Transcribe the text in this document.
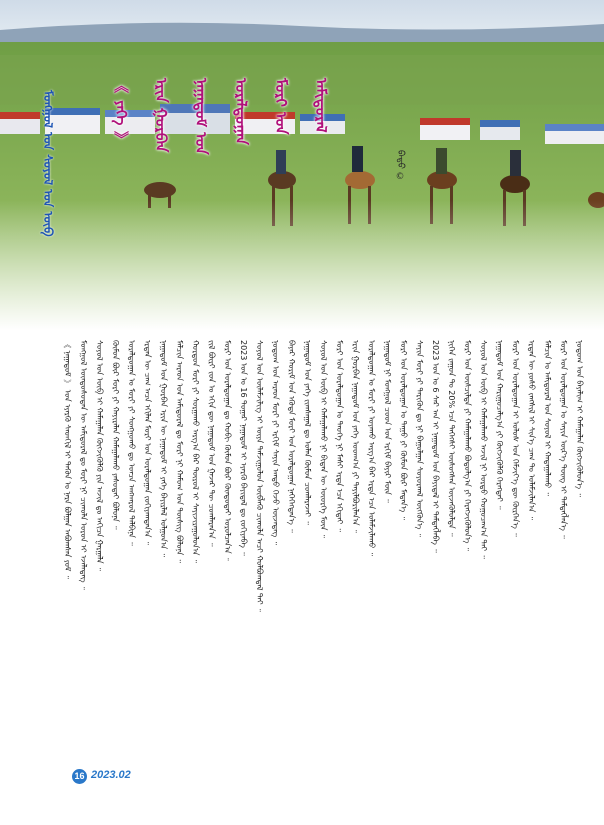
ᠮᠣᠩᠭᠣᠯ ᠤᠨ ᠰᠣᠶᠣᠯ ᠤᠨ ᠥᠪ	《 ᠶᠡᠬᠡ 》 ᠡᠷᠢᠨ ᠭᠤᠷᠪᠠᠨ ᠨᠠᠭᠠᠳᠤᠮ ᠤᠨ ᠤᠷᠠᠯᠳᠤᠭᠠᠨ ᠮᠣᠷᠢ ᠤᠨ ᠠᠮᠢᠳᠤᠷᠠᠯ
ᠪᠠᠲᠤ ©
《 ᠨᠠᠭᠠᠳᠤᠮ 》 ᠤᠨ ᠡᠶᠡᠷᠭᠦ ᠰᠡᠳᠬᠢᠯ ᠢ ᠲᠡᠭᠦᠨ ᠤ ᠨᠡᠷᠡ ᠪᠣᠯᠭᠠᠨ ᠠᠪᠤᠭᠰᠠᠨ ᠶᠤᠮ ᠃ ᠮᠣᠩᠭᠣᠯ ᠦᠨᠳᠦᠰᠦᠲᠡᠨ ᠦ ᠠᠮᠢᠳᠤᠷᠠᠯ ᠳᠤ ᠮᠣᠷᠢ ᠨᠢ ᠴᠢᠬᠤᠯᠠ ᠣᠷᠣᠨ ᠢ ᠡᠵᠡᠯᠡᠳᠡᠭ ᠃ ᠰᠣᠶᠣᠯ ᠤᠨ ᠥᠪ ᠢ ᠬᠠᠮᠠᠭᠠᠯᠠᠨ ᠬᠥᠭᠵᠢᠭᠦᠯᠬᠦ ᠶᠢᠨ ᠠᠵᠢᠯ ᠳᠤ ᠠᠬᠢᠴᠠ ᠭᠠᠷᠭᠠᠯᠠ ᠃ ᠬᠦᠮᠦᠨ ᠪᠦᠷ ᠮᠣᠷᠢ ᠶᠢ ᠬᠠᠶᠢᠷᠠᠯᠠᠨ ᠬᠠᠮᠠᠭᠠᠯᠠᠬᠤ ᠶᠠᠰᠤᠲᠠᠢ ᠪᠣᠯᠤᠨᠠ ᠃ ᠤᠷᠠᠯᠳᠤᠭᠠᠨ ᠤ ᠮᠣᠷᠢ ᠶᠢ ᠰᠣᠩᠭᠣᠬᠤ ᠳᠤ ᠣᠨᠴᠠ ᠠᠩᠬᠠᠷᠤᠯ ᠲᠠᠯᠪᠢᠨᠠ ᠃ ᠡᠷᠲᠡᠨ ᠦ ᠴᠠᠭ ᠠᠴᠠ ᠡᠬᠢᠯᠡᠨ ᠮᠣᠷᠢ ᠤᠨ ᠤᠷᠠᠯᠳᠤᠭᠠᠨ ᠵᠣᠬᠢᠶᠠᠭᠳᠠᠨ᠎ᠠ ᠃ ᠨᠠᠭᠠᠳᠤᠮ ᠤᠨ ᠭᠤᠷᠪᠠᠨ ᠡᠷᠢᠨ ᠦ ᠨᠠᠭᠠᠳᠤᠮ ᠢ ᠶᠡᠬᠡ ᠪᠠᠶᠢᠷᠯᠠᠯ ᠣᠯᠭᠣᠨ᠎ᠠ ᠃ ᠮᠠᠯᠴᠢᠨ ᠠᠷᠠᠳ ᠤᠨ ᠠᠮᠢᠳᠤᠷᠠᠯ ᠳᠤ ᠮᠣᠷᠢ ᠨᠢ ᠬᠠᠮᠤᠭ ᠤᠨ ᠲᠦᠰᠢᠭ ᠪᠣᠯᠤᠨᠠ ᠃ ᠬᠤᠷᠳᠤᠨ ᠮᠣᠷᠢ ᠶᠢ ᠰᠤᠷᠭᠠᠬᠤ ᠠᠷᠭ᠎ᠠ ᠪᠠᠷ ᠲᠥᠷᠦᠯ ᠢ ᠰᠠᠶᠢᠵᠢᠷᠠᠭᠤᠯᠤᠨ᠎ᠠ ᠃ ᠵᠢᠯ ᠪᠦᠷᠢ ᠵᠤᠨ ᠤ ᠡᠬᠢᠨ ᠳᠦ ᠨᠠᠭᠠᠳᠤᠮ ᠤᠨ ᠭᠠᠵᠠᠷ ᠲᠦ ᠴᠤᠭᠯᠠᠷᠠᠨ᠎ᠠ ᠃ ᠮᠣᠷᠢ ᠤᠨ ᠤᠷᠠᠯᠳᠤᠭᠠᠨ ᠳᠤ ᠬᠤᠪᠢ ᠬᠥᠮᠦᠨ ᠪᠦᠷ ᠬᠦᠨᠳᠦᠲᠡᠢ ᠣᠷᠣᠯᠴᠠᠨ᠎ᠠ ᠃ 2023 ᠣᠨ ᠤ 16 ᠳᠤᠭᠠᠷ ᠨᠠᠭᠠᠳᠤᠮ ᠢ ᠡᠶᠡᠷᠭᠦ ᠪᠠᠶᠢᠳᠠᠯ ᠳᠤ ᠵᠣᠬᠢᠶᠠᠪᠠ ᠃ ᠰᠣᠶᠣᠯ ᠤᠨ ᠦᠯᠡᠮᠵᠢᠯᠢᠭ ᠢ ᠦᠶᠡ ᠳᠠᠮᠵᠢᠭᠤᠯᠤᠨ ᠥᠪᠯᠡᠬᠦ ᠴᠢᠬᠤᠯᠠ ᠠᠴᠢ ᠬᠣᠯᠪᠣᠭᠳᠠᠯ ᠲᠠᠢ ᠃ ᠨᠤᠲᠤᠭ ᠤᠨ ᠠᠷᠠᠳ ᠮᠣᠷᠢ ᠶᠢ ᠡᠷᠬᠢᠮ ᠰᠠᠶᠢᠨ ᠠᠨᠳᠤ ᠭᠡᠵᠦ ᠦᠵᠡᠳᠡᠭ ᠃ ᠪᠠᠶᠠᠷ ᠬᠤᠷᠢᠮ ᠤᠨ ᠡᠭᠦᠳᠡ ᠮᠣᠷᠢ ᠤᠨ ᠤᠷᠠᠯᠳᠤᠭᠠᠨ ᠨᠡᠭᠡᠭᠡᠭᠳᠡᠨ᠎ᠡ ᠃ ᠨᠠᠭᠠᠳᠤᠮ ᠤᠨ ᠶᠡᠬᠡ ᠵᠢᠭᠰᠠᠭᠠᠯ ᠳᠤ ᠣᠯᠠᠨ ᠬᠦᠮᠦᠨ ᠴᠤᠭᠯᠠᠷᠠᠵᠠᠢ ᠃ ᠰᠣᠶᠣᠯ ᠤᠨ ᠥᠪ ᠢ ᠬᠠᠮᠠᠭᠠᠯᠠᠬᠤ ᠨᠢ ᠪᠢᠳᠡᠨ ᠦ ᠦᠦᠷᠭᠡ ᠮᠥᠨ ᠃ ᠮᠣᠷᠢ ᠤᠨ ᠤᠷᠠᠯᠳᠤᠭᠠᠨ ᠤ ᠲᠡᠦᠬᠡ ᠨᠢ ᠮᠠᠰᠢ ᠡᠷᠲᠡ ᠡᠴᠡ ᠡᠬᠢᠲᠡᠢ ᠃ ᠡᠷᠢᠨ ᠭᠤᠷᠪᠠᠨ ᠨᠠᠭᠠᠳᠤᠮ ᠤᠨ ᠶᠡᠬᠡ ᠤᠳᠬ᠎ᠠ ᠶᠢ ᠲᠠᠶᠢᠯᠪᠤᠷᠢᠯᠠᠨ᠎ᠠ ᠃ ᠤᠷᠠᠯᠳᠤᠭᠠᠨ ᠤ ᠮᠣᠷᠢ ᠶᠢ ᠤᠶᠠᠬᠤ ᠠᠷᠭ᠎ᠠ ᠪᠠᠷ ᠡᠷᠲᠡ ᠡᠴᠡ ᠤᠯᠠᠮᠵᠢᠯᠠᠬᠤ ᠃ ᠨᠠᠭᠠᠳᠤᠮ ᠨᠢ ᠮᠣᠩᠭᠣᠯ ᠴᠤᠳ ᠤᠨ ᠡᠷᠬᠢᠮ ᠪᠠᠶᠢᠷ ᠮᠥᠨ ᠃ ᠮᠣᠷᠢ ᠤᠨ ᠤᠷᠠᠯᠳᠤᠭᠠᠨ ᠤ ᠳᠠᠭᠤ ᠶᠢ ᠬᠦᠮᠦᠨ ᠪᠦᠷ ᠮᠡᠳᠡᠨ᠎ᠡ ᠃ ᠰᠠᠶᠢᠨ ᠮᠣᠷᠢ ᠶᠢ ᠲᠡᠷᠢᠭᠦᠨ ᠳᠤ ᠨᠢ ᠪᠠᠭᠤᠯᠭᠠᠨ ᠰᠣᠶᠣᠷᠬᠠᠯ ᠥᠭᠭᠦᠨ᠎ᠡ ᠃ 2023 ᠣᠨ ᠤ 6 ᠰᠠᠷ ᠠᠨ ᠢ ᠨᠠᠭᠠᠳᠤᠮ ᠤᠨ ᠪᠠᠶᠢᠳᠠᠯ ᠢ ᠲᠡᠮᠳᠡᠭᠯᠡᠪᠡ ᠃ ᠨᠢᠭᠡᠨ ᠵᠠᠭᠤᠨ ᠲᠤ 20% ᠡᠴᠡ ᠳᠡᠭᠡᠭᠰᠢ ᠥᠰᠦᠭᠰᠡᠨ ᠦᠵᠡᠭᠦᠯᠦᠯᠲᠡ ᠃ ᠮᠣᠷᠢ ᠤᠨ ᠥᠰᠴᠢᠯᠲᠡ ᠶᠢ ᠬᠠᠮᠠᠭᠠᠯᠠᠬᠤ ᠪᠣᠳᠤᠯᠭ᠎ᠠ ᠶᠢ ᠬᠡᠷᠡᠭᠵᠢᠭᠦᠯᠦᠨ᠎ᠡ ᠃ ᠰᠣᠶᠣᠯ ᠤᠨ ᠥᠪ ᠢ ᠬᠠᠮᠠᠭᠠᠯᠠᠬᠤ ᠠᠵᠢᠯ ᠨᠢ ᠤᠷᠲᠤ ᠬᠤᠭᠤᠴᠠᠭ᠎ᠠ ᠲᠠᠢ ᠃ ᠨᠠᠭᠠᠳᠤᠮ ᠤᠨ ᠬᠠᠷᠢᠭᠤᠴᠠᠯᠭ᠎ᠠ ᠶᠢ ᠬᠥᠭᠵᠢᠭᠦᠯᠬᠦ ᠬᠡᠷᠡᠭᠲᠡᠢ ᠃ ᠮᠣᠷᠢ ᠤᠨ ᠤᠷᠠᠯᠳᠤᠭᠠᠨ ᠢ ᠤᠯᠤᠰ ᠤᠨ ᠬᠡᠮᠵᠢᠶ᠎ᠡ ᠳᠦ ᠬᠦᠷᠭᠡᠨ᠎ᠡ ᠃ ᠡᠷᠲᠡᠨ ᠦ ᠶᠣᠰᠤ ᠵᠠᠩᠰᠢᠯ ᠢ ᠰᠢᠨ᠎ᠡ ᠴᠠᠭ ᠲᠤ ᠤᠯᠠᠮᠵᠢᠯᠠᠨ᠎ᠠ ᠃ ᠮᠠᠯᠴᠢᠨ ᠤ ᠠᠮᠢᠳᠤᠷᠠᠯ ᠤᠨ ᠰᠣᠶᠣᠯ ᠢ ᠬᠠᠳᠠᠭᠠᠯᠠᠬᠤ ᠃ ᠮᠣᠷᠢ ᠤᠨ ᠤᠷᠠᠯᠳᠤᠭᠠᠨ ᠤ ᠰᠠᠶᠢᠨ ᠦᠷ᠎ᠡ ᠳᠦᠩ ᠢ ᠲᠡᠮᠳᠡᠭᠯᠡᠨ᠎ᠡ ᠃ ᠨᠤᠲᠤᠭ ᠤᠨ ᠪᠠᠶᠠᠯᠢᠭ ᠢ ᠬᠠᠮᠠᠭᠠᠯᠠᠨ ᠬᠥᠭᠵᠢᠭᠦᠯᠦᠨ᠎ᠡ ᠃
16 2023.02
